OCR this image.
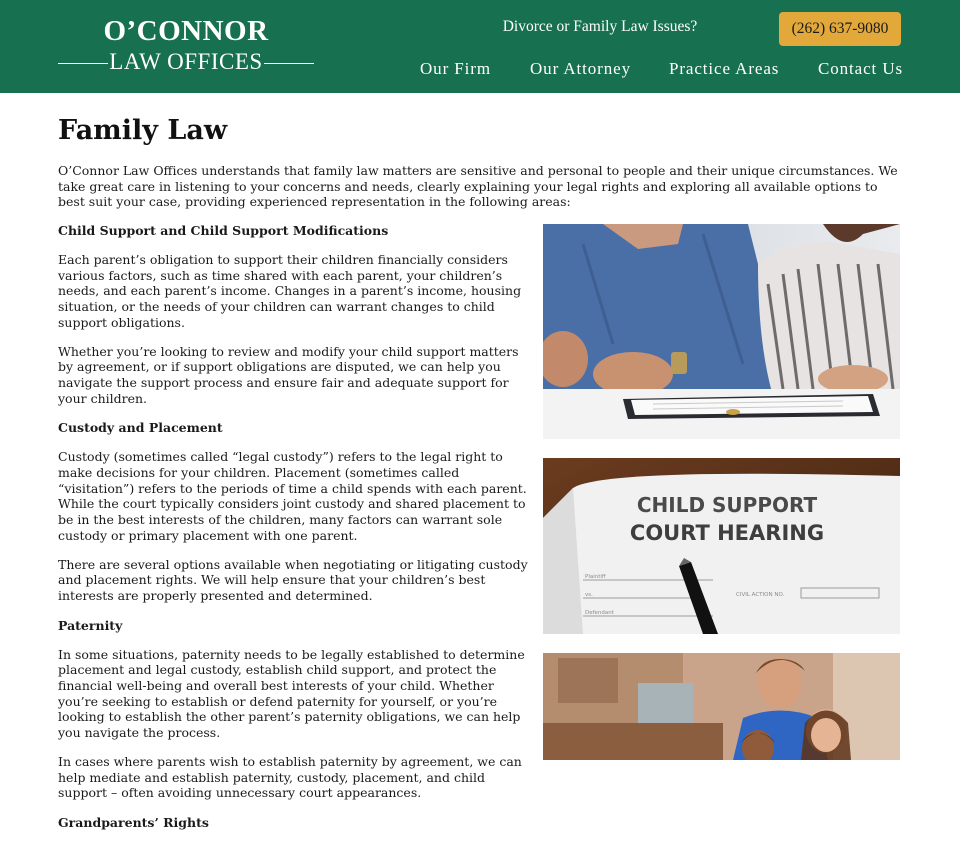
O’CONNOR
LAW OFFICES
Divorce or Family Law Issues?	(262) 637-9080
Our Firm Our Attorney Practice Areas Contact Us
Family Law

O’Connor Law Offices understands that family law matters are sensitive and personal to people and their unique circumstances. We take great care in listening to your concerns and needs, clearly explaining your legal rights and exploring all available options to best suit your case, providing experienced representation in the following areas:

Child Support and Child Support Modifications

Each parent’s obligation to support their children financially considers various factors, such as time shared with each parent, your children’s needs, and each parent’s income. Changes in a parent’s income, housing situation, or the needs of your children can warrant changes to child support obligations.

Whether you’re looking to review and modify your child support matters by agreement, or if support obligations are disputed, we can help you navigate the support process and ensure fair and adequate support for your children.

Custody and Placement

Custody (sometimes called “legal custody”) refers to the legal right to make decisions for your children. Placement (sometimes called “visitation”) refers to the periods of time a child spends with each parent. While the court typically considers joint custody and shared placement to be in the best interests of the children, many factors can warrant sole custody or primary placement with one parent.

There are several options available when negotiating or litigating custody and placement rights. We will help ensure that your children’s best interests are properly presented and determined.

Paternity

In some situations, paternity needs to be legally established to determine placement and legal custody, establish child support, and protect the financial well-being and overall best interests of your child. Whether you’re seeking to establish or defend paternity for yourself, or you’re looking to establish the other parent’s paternity obligations, we can help you navigate the process.

In cases where parents wish to establish paternity by agreement, we can help mediate and establish paternity, custody, placement, and child support – often avoiding unnecessary court appearances.

Grandparents’ Rights
CHILD SUPPORT
COURT HEARING
Plaintiff
vs.
Defendant
CIVIL ACTION NO.
